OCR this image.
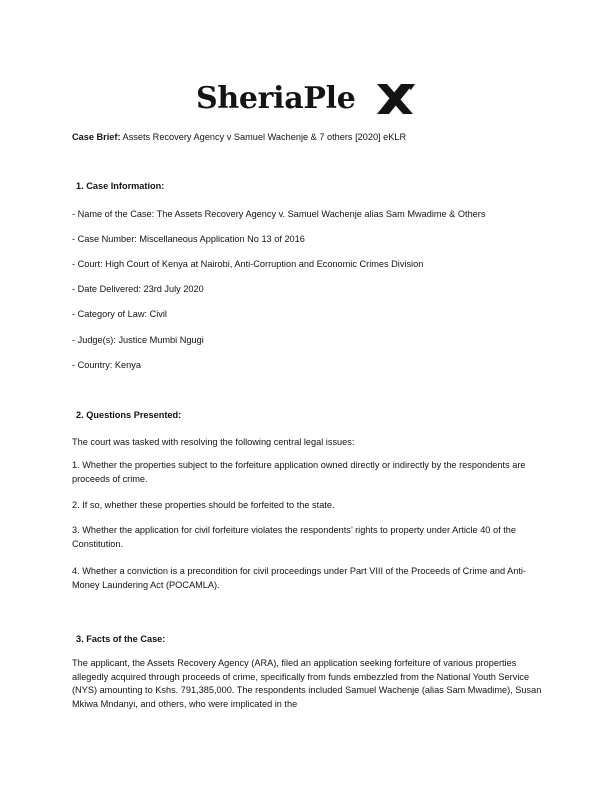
SheriaPle
Case Brief: Assets Recovery Agency v Samuel Wachenje & 7 others [2020] eKLR
1. Case Information:
- Name of the Case: The Assets Recovery Agency v. Samuel Wachenje alias Sam Mwadime & Others
- Case Number: Miscellaneous Application No 13 of 2016
- Court: High Court of Kenya at Nairobi, Anti-Corruption and Economic Crimes Division
- Date Delivered: 23rd July 2020
- Category of Law: Civil
- Judge(s): Justice Mumbi Ngugi
- Country: Kenya
2. Questions Presented:
The court was tasked with resolving the following central legal issues:
1. Whether the properties subject to the forfeiture application owned directly or indirectly by the respondents are proceeds of crime.
2. If so, whether these properties should be forfeited to the state.
3. Whether the application for civil forfeiture violates the respondents’ rights to property under Article 40 of the Constitution.
4. Whether a conviction is a precondition for civil proceedings under Part VIII of the Proceeds of Crime and Anti-Money Laundering Act (POCAMLA).
3. Facts of the Case:
The applicant, the Assets Recovery Agency (ARA), filed an application seeking forfeiture of various properties allegedly acquired through proceeds of crime, specifically from funds embezzled from the National Youth Service (NYS) amounting to Kshs. 791,385,000. The respondents included Samuel Wachenje (alias Sam Mwadime), Susan Mkiwa Mndanyi, and others, who were implicated in the
